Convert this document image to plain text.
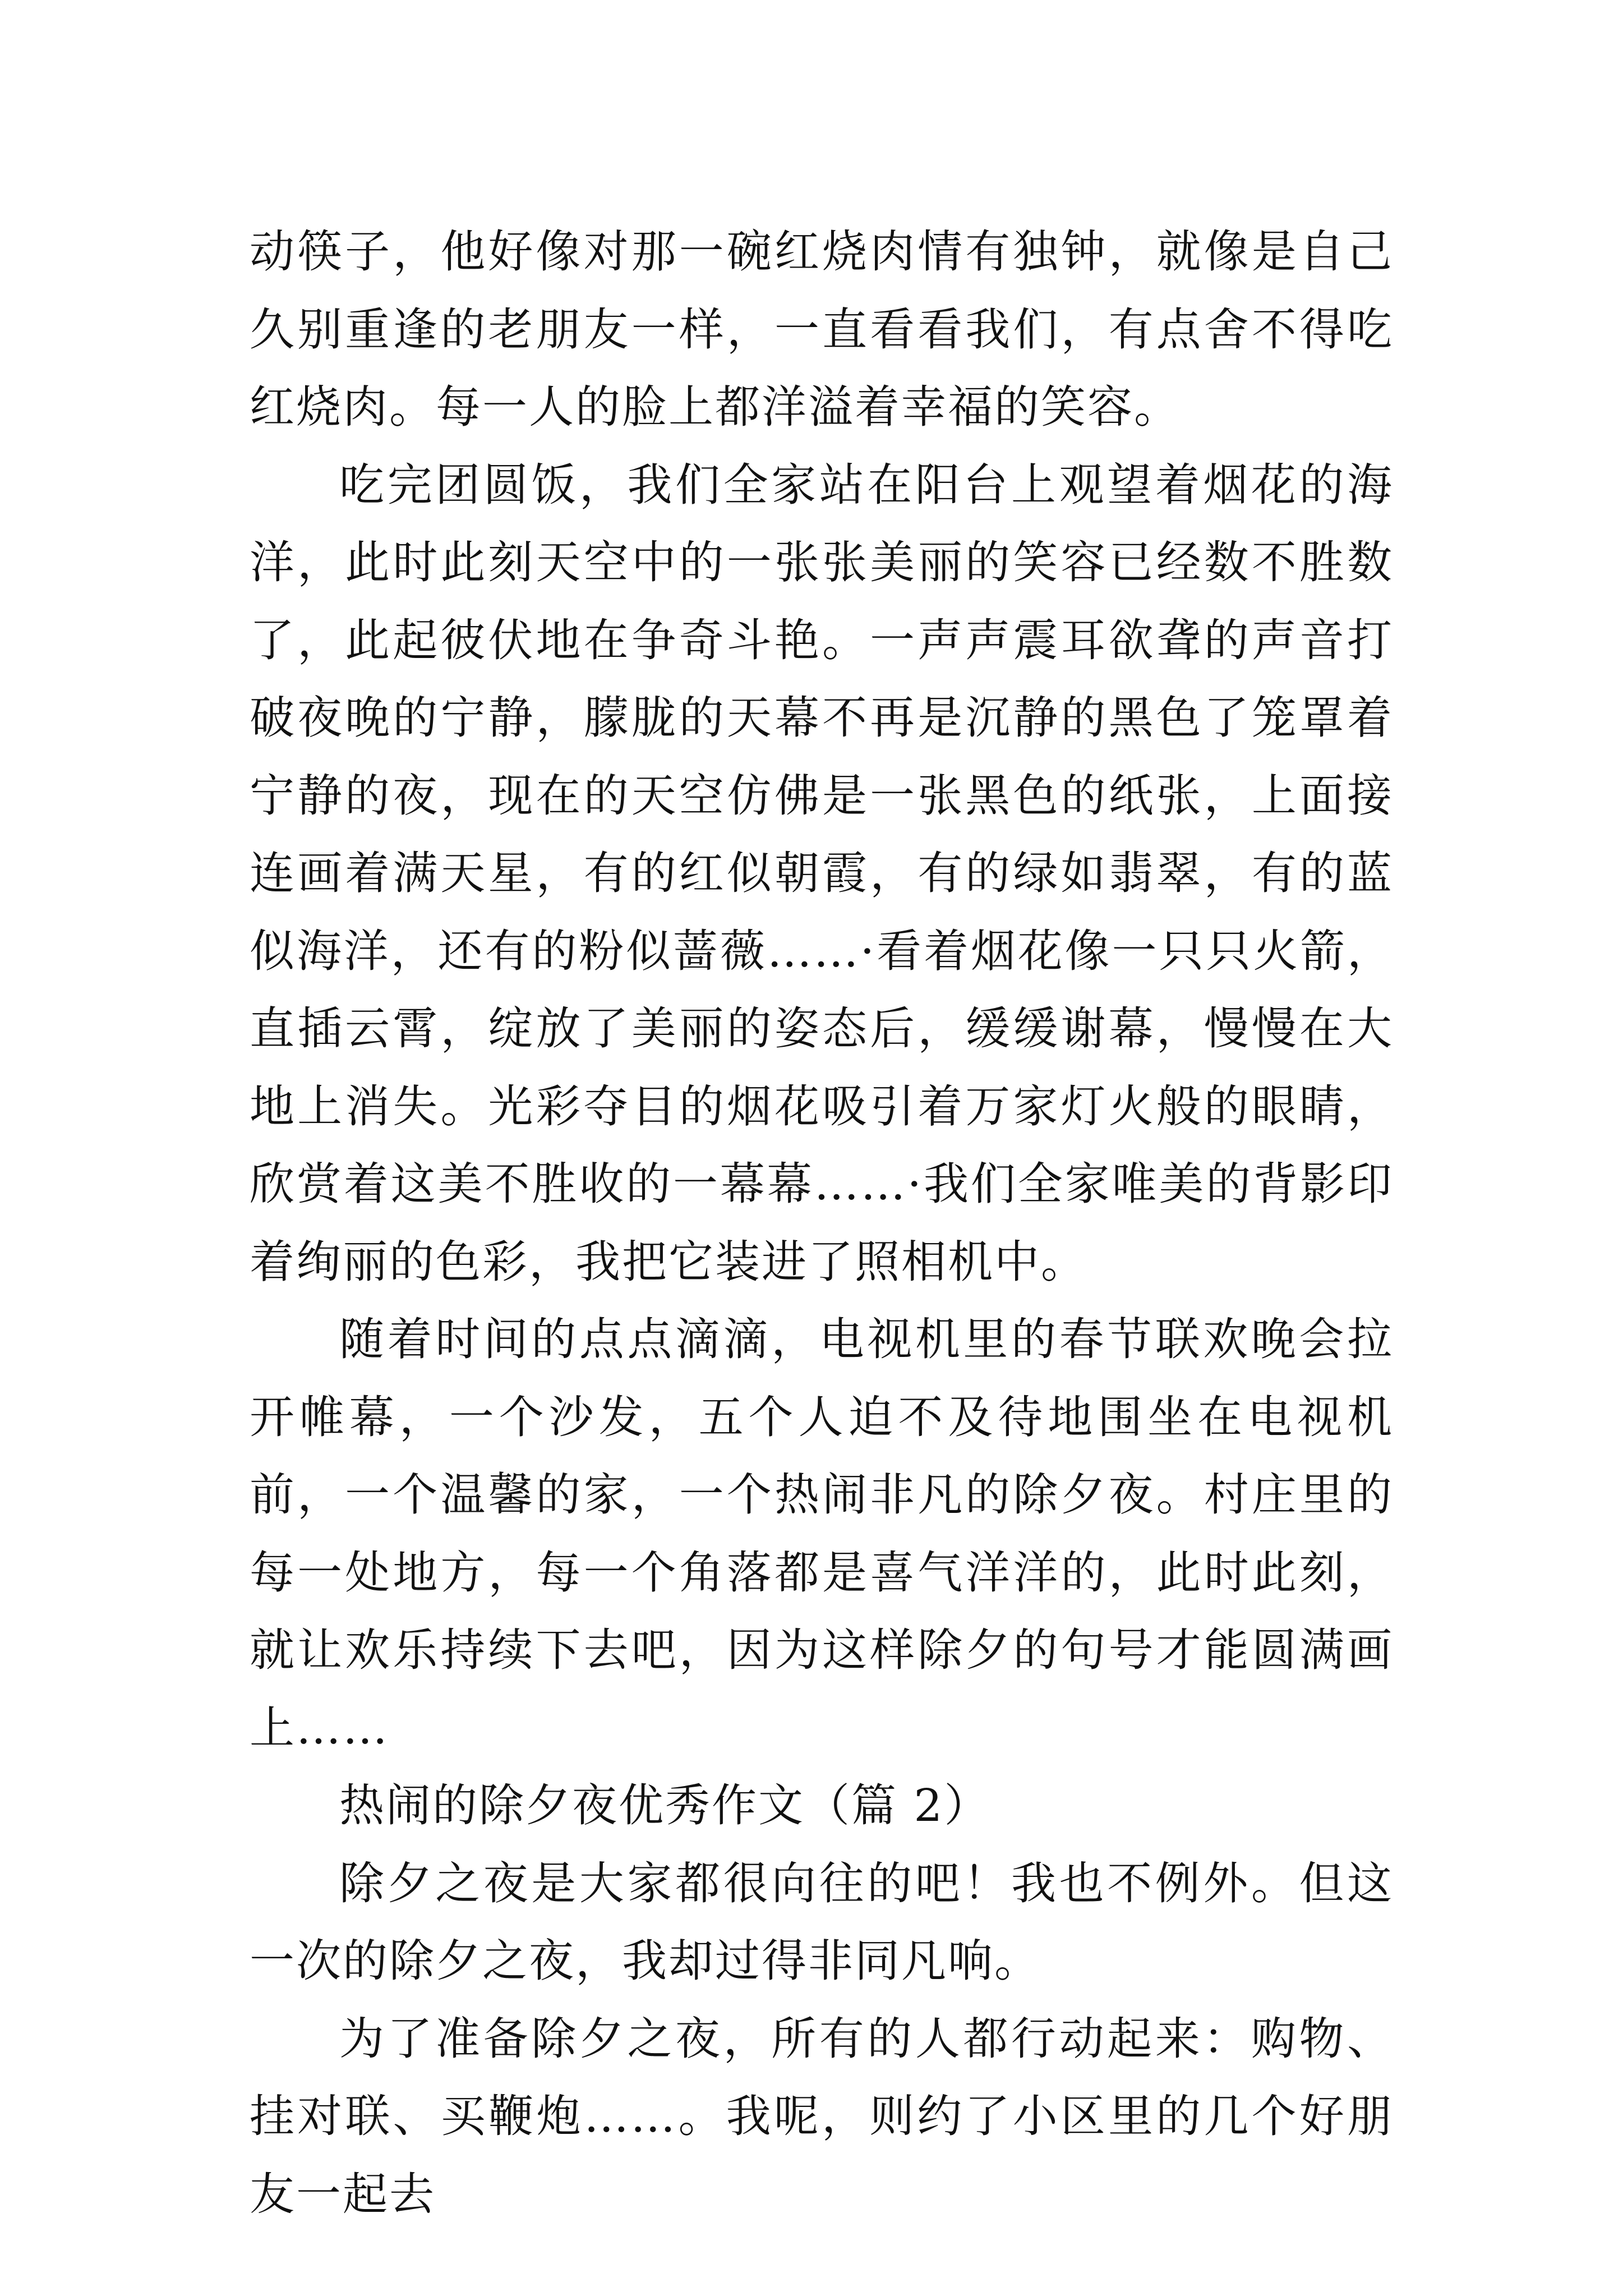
动筷子，他好像对那一碗红烧肉情有独钟，就像是自己久别重逢的老朋友一样，一直看看我们，有点舍不得吃红烧肉。每一人的脸上都洋溢着幸福的笑容。

吃完团圆饭，我们全家站在阳台上观望着烟花的海洋，此时此刻天空中的一张张美丽的笑容已经数不胜数了，此起彼伏地在争奇斗艳。一声声震耳欲聋的声音打破夜晚的宁静，朦胧的天幕不再是沉静的黑色了笼罩着宁静的夜，现在的天空仿佛是一张黑色的纸张，上面接连画着满天星，有的红似朝霞，有的绿如翡翠，有的蓝似海洋，还有的粉似蔷薇……·看着烟花像一只只火箭，直插云霄，绽放了美丽的姿态后，缓缓谢幕，慢慢在大地上消失。光彩夺目的烟花吸引着万家灯火般的眼睛，欣赏着这美不胜收的一幕幕……·我们全家唯美的背影印着绚丽的色彩，我把它装进了照相机中。

随着时间的点点滴滴，电视机里的春节联欢晚会拉开帷幕，一个沙发，五个人迫不及待地围坐在电视机前，一个温馨的家，一个热闹非凡的除夕夜。村庄里的每一处地方，每一个角落都是喜气洋洋的，此时此刻，就让欢乐持续下去吧，因为这样除夕的句号才能圆满画上……

热闹的除夕夜优秀作文（篇 2）

除夕之夜是大家都很向往的吧！我也不例外。但这一次的除夕之夜，我却过得非同凡响。

为了准备除夕之夜，所有的人都行动起来：购物、挂对联、买鞭炮……。我呢，则约了小区里的几个好朋友一起去
